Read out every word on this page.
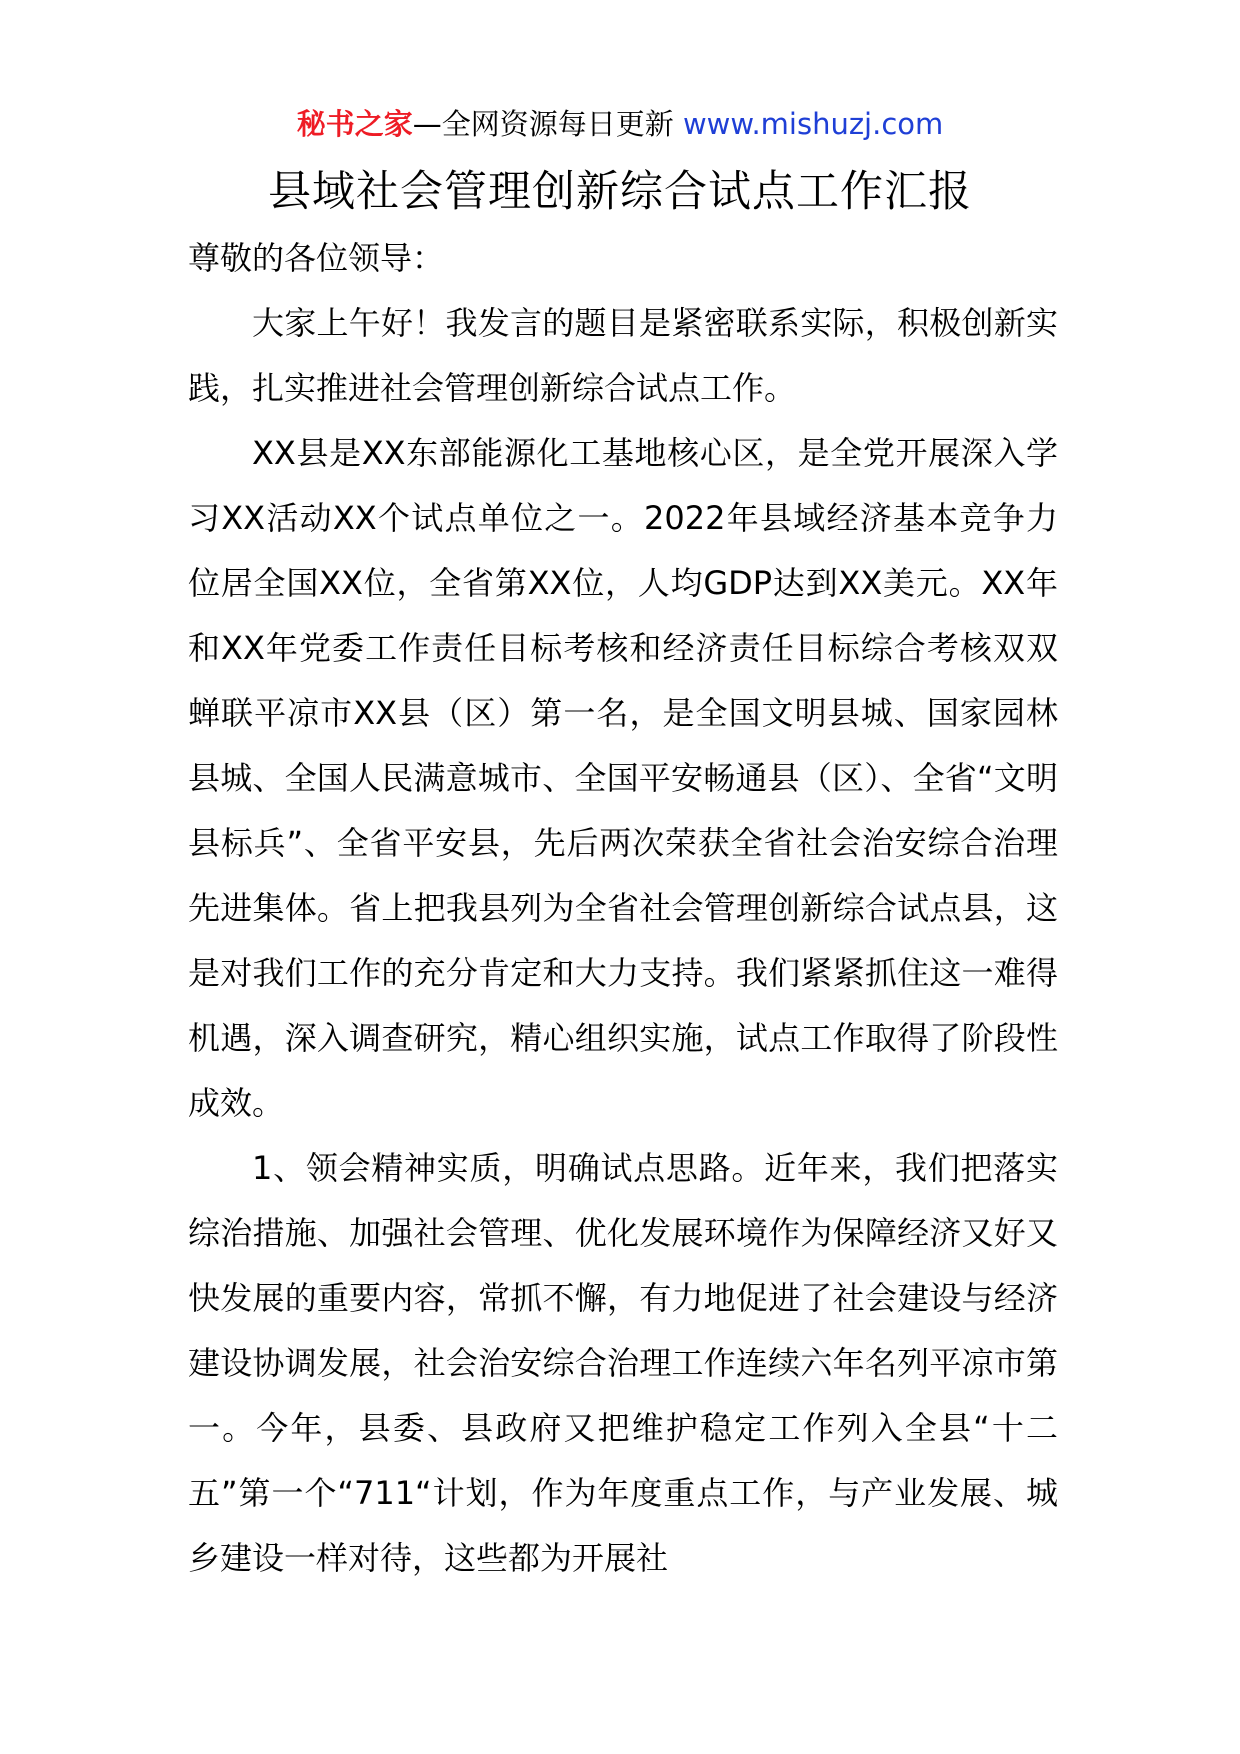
秘书之家—全网资源每日更新 www.mishuzj.com
县域社会管理创新综合试点工作汇报

尊敬的各位领导：

大家上午好！我发言的题目是紧密联系实际，积极创新实践，扎实推进社会管理创新综合试点工作。

XX县是XX东部能源化工基地核心区，是全党开展深入学习XX活动XX个试点单位之一。2022年县域经济基本竞争力位居全国XX位，全省第XX位，人均GDP达到XX美元。XX年和XX年党委工作责任目标考核和经济责任目标综合考核双双蝉联平凉市XX县（区）第一名，是全国文明县城、国家园林县城、全国人民满意城市、全国平安畅通县（区）、全省“文明县标兵”、全省平安县，先后两次荣获全省社会治安综合治理先进集体。省上把我县列为全省社会管理创新综合试点县，这是对我们工作的充分肯定和大力支持。我们紧紧抓住这一难得机遇，深入调查研究，精心组织实施，试点工作取得了阶段性成效。

1、领会精神实质，明确试点思路。近年来，我们把落实综治措施、加强社会管理、优化发展环境作为保障经济又好又快发展的重要内容，常抓不懈，有力地促进了社会建设与经济建设协调发展，社会治安综合治理工作连续六年名列平凉市第一。今年，县委、县政府又把维护稳定工作列入全县“十二五”第一个“711“计划，作为年度重点工作，与产业发展、城乡建设一样对待，这些都为开展社
